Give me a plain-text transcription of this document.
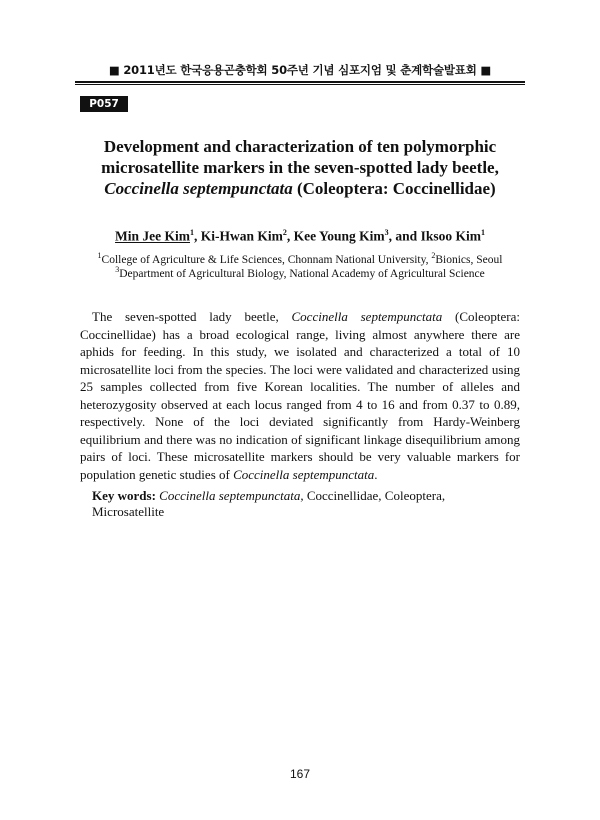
■ 2011년도 한국응용곤충학회 50주년 기념 심포지엄 및 춘계학술발표회 ■
P057
Development and characterization of ten polymorphic
microsatellite markers in the seven-spotted lady beetle,
Coccinella septempunctata (Coleoptera: Coccinellidae)
Min Jee Kim$^1$, Ki-Hwan Kim$^2$, Kee Young Kim$^3$, and Iksoo Kim$^1$
$^1$College of Agriculture & Life Sciences, Chonnam National University, $^2$Bionics, Seoul
$^3$Department of Agricultural Biology, National Academy of Agricultural Science

The seven-spotted lady beetle, Coccinella septempunctata (Coleoptera: Coccinellidae) has a broad ecological range, living almost anywhere there are aphids for feeding. In this study, we isolated and characterized a total of 10 microsatellite loci from the species. The loci were validated and characterized using 25 samples collected from five Korean localities. The number of alleles and heterozygosity observed at each locus ranged from 4 to 16 and from 0.37 to 0.89, respectively. None of the loci deviated significantly from Hardy-Weinberg equilibrium and there was no indication of significant linkage disequilibrium among pairs of loci. These microsatellite markers should be very valuable markers for population genetic studies of Coccinella septempunctata.

Key words: Coccinella septempunctata, Coccinellidae, Coleoptera, Microsatellite
167
